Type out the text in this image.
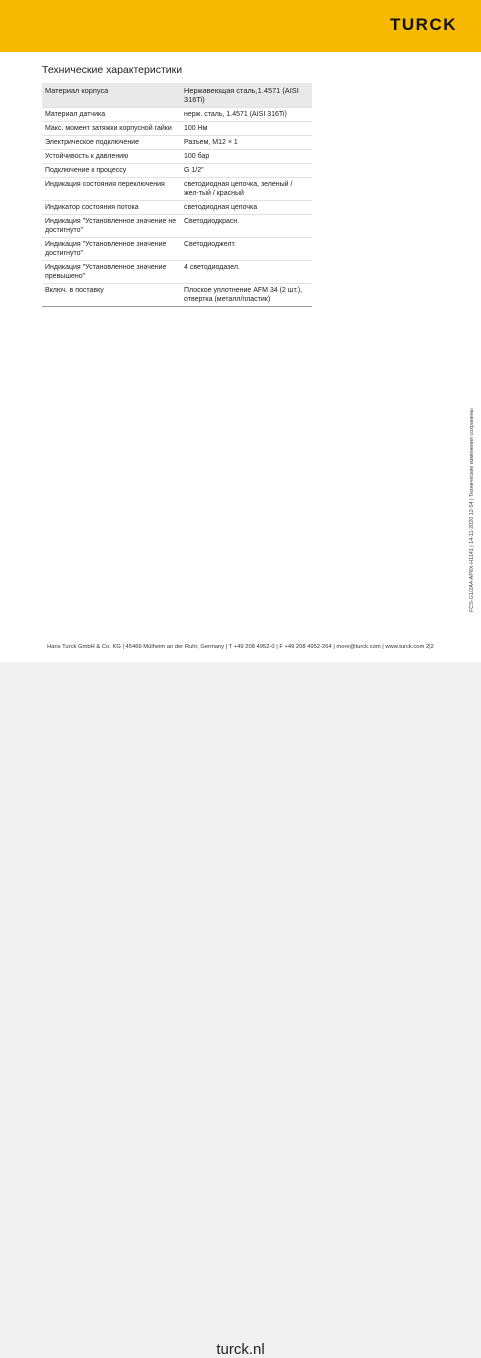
TURCK
Технические характеристики
Материал корпуса	Нержавеющая сталь,1.4571 (AISI 316Ti)
Материал датчика	нерж. сталь, 1.4571 (AISI 316Ti)
Макс. момент затяжки корпусной гайки	100 Нм
Электрическое подключение	Разъем, M12 × 1
Устойчивость к давлению	100 бар
Подключение к процессу	G 1/2"
Индикация состояния переключения	светодиодная цепочка, зеленый / жел-тый / красный
Индикатор состояния потока	светодиодная цепочка
Индикация "Установленное значение не достигнуто"	Светодиодкрасн.
Индикация "Установленное значение достигнуто"	Светодиоджелт.
Индикация "Установленное значение превышено"	4 светодиодазел.
Включ. в поставку	Плоское уплотнение AFM 34 (2 шт.), отвертка (металл/пластик)
FCS-G1/2A4-AP8X-H1141 | 14-11-2020 12-54 | Технические изменения сохранены
Hans Turck GmbH & Co. KG | 45466 Mülheim an der Ruhr, Germany | T +49 208 4952-0 | F +49 208 4952-264 | more@turck.com | www.turck.com 2|2
turck.nl
